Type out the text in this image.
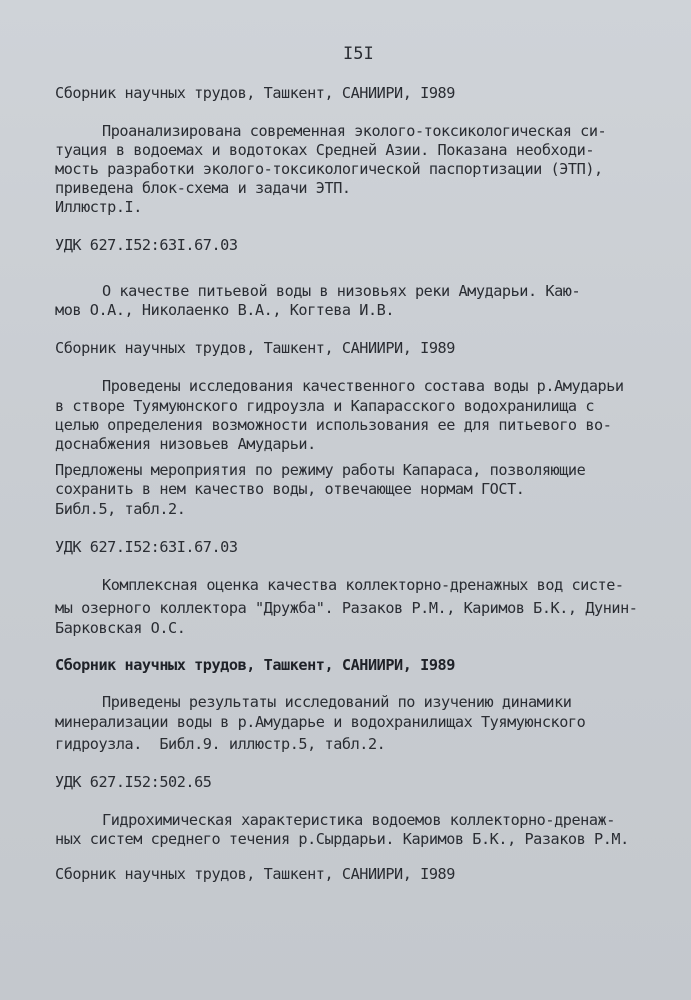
I5I
Сборник научных трудов, Ташкент, САНИИРИ, I989
Проанализирована современная эколого-токсикологическая си-
туация в водоемах и водотоках Средней Азии. Показана необходи-
мость разработки эколого-токсикологической паспортизации (ЭТП),
приведена блок-схема и задачи ЭТП.
Иллюстр.I.
УДК 627.I52:63I.67.03
О качестве питьевой воды в низовьях реки Амударьи. Каю-
мов О.А., Николаенко В.А., Когтева И.В.
Сборник научных трудов, Ташкент, САНИИРИ, I989
Проведены исследования качественного состава воды р.Амударьи
в створе Туямуюнского гидроузла и Капарасского водохранилища с
целью определения возможности использования ее для питьевого во-
доснабжения низовьев Амударьи.
Предложены мероприятия по режиму работы Капараса, позволяющие
сохранить в нем качество воды, отвечающее нормам ГОСТ.
Библ.5, табл.2.
УДК 627.I52:63I.67.03
Комплексная оценка качества коллекторно-дренажных вод систе-
мы озерного коллектора "Дружба". Разаков Р.М., Каримов Б.К., Дунин-
Барковская О.С.
Сборник научных трудов, Ташкент, САНИИРИ, I989
Приведены результаты исследований по изучению динамики
минерализации воды в р.Амударье и водохранилищах Туямуюнского
гидроузла.  Библ.9. иллюстр.5, табл.2.
УДК 627.I52:502.65
Гидрохимическая характеристика водоемов коллекторно-дренаж-
ных систем среднего течения р.Сырдарьи. Каримов Б.К., Разаков Р.М.
Сборник научных трудов, Ташкент, САНИИРИ, I989
